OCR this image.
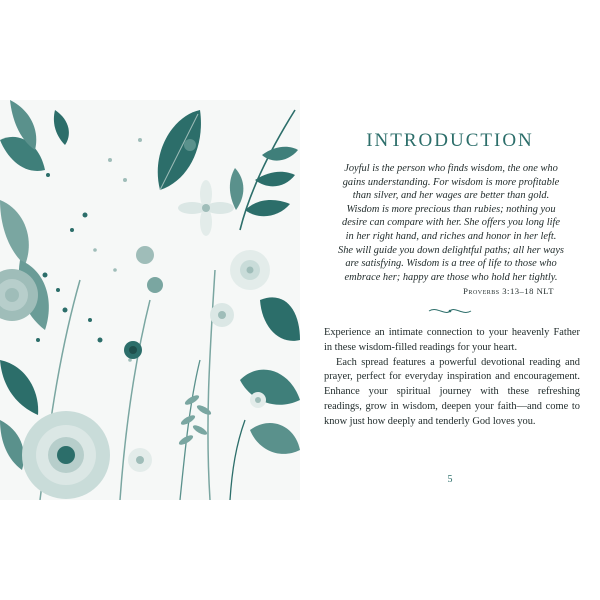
INTRODUCTION
Joyful is the person who finds wisdom, the one who
gains understanding. For wisdom is more profitable
than silver, and her wages are better than gold.
Wisdom is more precious than rubies; nothing you
desire can compare with her. She offers you long life
in her right hand, and riches and honor in her left.
She will guide you down delightful paths; all her ways
are satisfying. Wisdom is a tree of life to those who
embrace her; happy are those who hold her tightly.
Proverbs 3:13–18 NLT

Experience an intimate connection to your heavenly Father in these wisdom-filled readings for your heart.

Each spread features a powerful devotional reading and prayer, perfect for everyday inspiration and encouragement. Enhance your spiritual journey with these refreshing readings, grow in wisdom, deepen your faith—and come to know just how deeply and tenderly God loves you.

5
